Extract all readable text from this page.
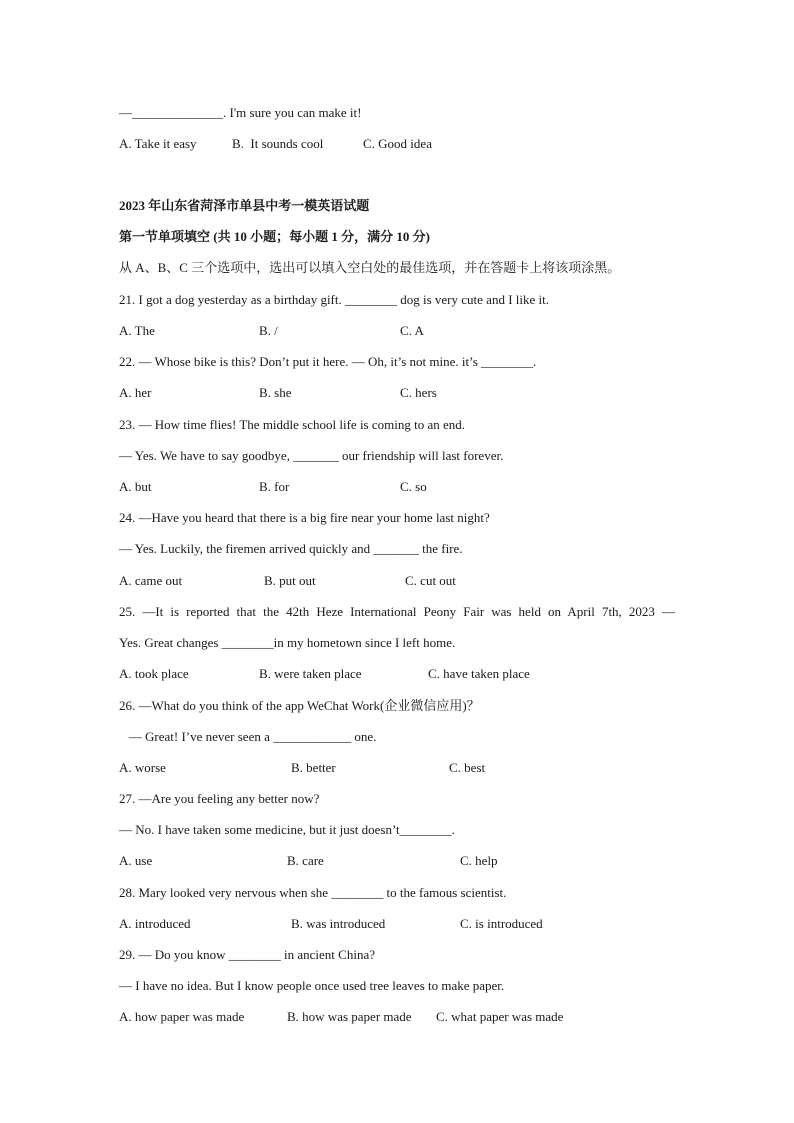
—______________. I'm sure you can make it!
A. Take it easy	B.  It sounds cool	C. Good idea
2023 年山东省菏泽市单县中考一模英语试题
第一节单项填空 (共 10 小题；每小题 1 分，满分 10 分)
从 A、B、C 三个选项中，选出可以填入空白处的最佳选项，并在答题卡上将该项涂黑。
21. I got a dog yesterday as a birthday gift. ________ dog is very cute and I like it.
A. The	B. /	C. A
22. — Whose bike is this? Don’t put it here. — Oh, it’s not mine. it’s ________.
A. her	B. she	C. hers
23. — How time flies! The middle school life is coming to an end.
— Yes. We have to say goodbye, _______ our friendship will last forever.
A. but	B. for	C. so
24. —Have you heard that there is a big fire near your home last night?
— Yes. Luckily, the firemen arrived quickly and _______ the fire.
A. came out	B. put out	C. cut out
25. —It is reported that the 42th Heze International Peony Fair was held on April 7th, 2023 —
Yes. Great changes ________in my hometown since I left home.
A. took place	B. were taken place	C. have taken place
26. —What do you think of the app WeChat Work(企业微信应用)？
— Great! I’ve never seen a ____________ one.
A. worse	B. better	C. best
27. —Are you feeling any better now?
— No. I have taken some medicine, but it just doesn’t________.
A. use	B. care	C. help
28. Mary looked very nervous when she ________ to the famous scientist.
A. introduced	B. was introduced	C. is introduced
29. — Do you know ________ in ancient China?
— I have no idea. But I know people once used tree leaves to make paper.
A. how paper was made	B. how was paper made C. what paper was made
